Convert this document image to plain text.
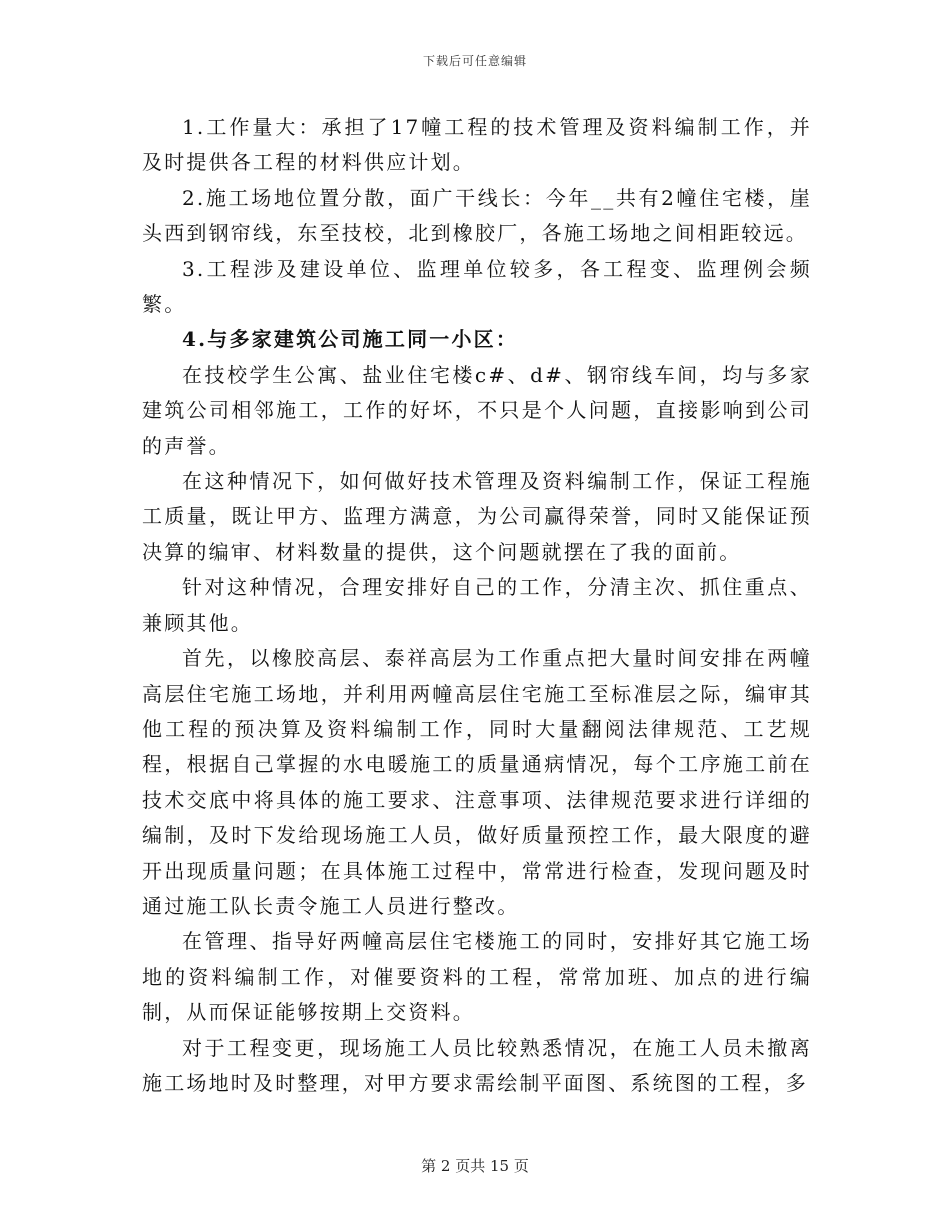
下载后可任意编辑

1.工作量大：承担了17幢工程的技术管理及资料编制工作，并及时提供各工程的材料供应计划。

2.施工场地位置分散，面广干线长：今年__共有2幢住宅楼，崖头西到钢帘线，东至技校，北到橡胶厂，各施工场地之间相距较远。

3.工程涉及建设单位、监理单位较多，各工程变、监理例会频繁。

4.与多家建筑公司施工同一小区：

在技校学生公寓、盐业住宅楼c#、d#、钢帘线车间，均与多家建筑公司相邻施工，工作的好坏，不只是个人问题，直接影响到公司的声誉。

在这种情况下，如何做好技术管理及资料编制工作，保证工程施工质量，既让甲方、监理方满意，为公司赢得荣誉，同时又能保证预决算的编审、材料数量的提供，这个问题就摆在了我的面前。

针对这种情况，合理安排好自己的工作，分清主次、抓住重点、兼顾其他。

首先，以橡胶高层、泰祥高层为工作重点把大量时间安排在两幢高层住宅施工场地，并利用两幢高层住宅施工至标准层之际，编审其他工程的预决算及资料编制工作，同时大量翻阅法律规范、工艺规程，根据自己掌握的水电暖施工的质量通病情况，每个工序施工前在技术交底中将具体的施工要求、注意事项、法律规范要求进行详细的编制，及时下发给现场施工人员，做好质量预控工作，最大限度的避开出现质量问题；在具体施工过程中，常常进行检查，发现问题及时通过施工队长责令施工人员进行整改。

在管理、指导好两幢高层住宅楼施工的同时，安排好其它施工场地的资料编制工作，对催要资料的工程，常常加班、加点的进行编制，从而保证能够按期上交资料。

对于工程变更，现场施工人员比较熟悉情况，在施工人员未撤离施工场地时及时整理，对甲方要求需绘制平面图、系统图的工程，多

第 2 页共 15 页
